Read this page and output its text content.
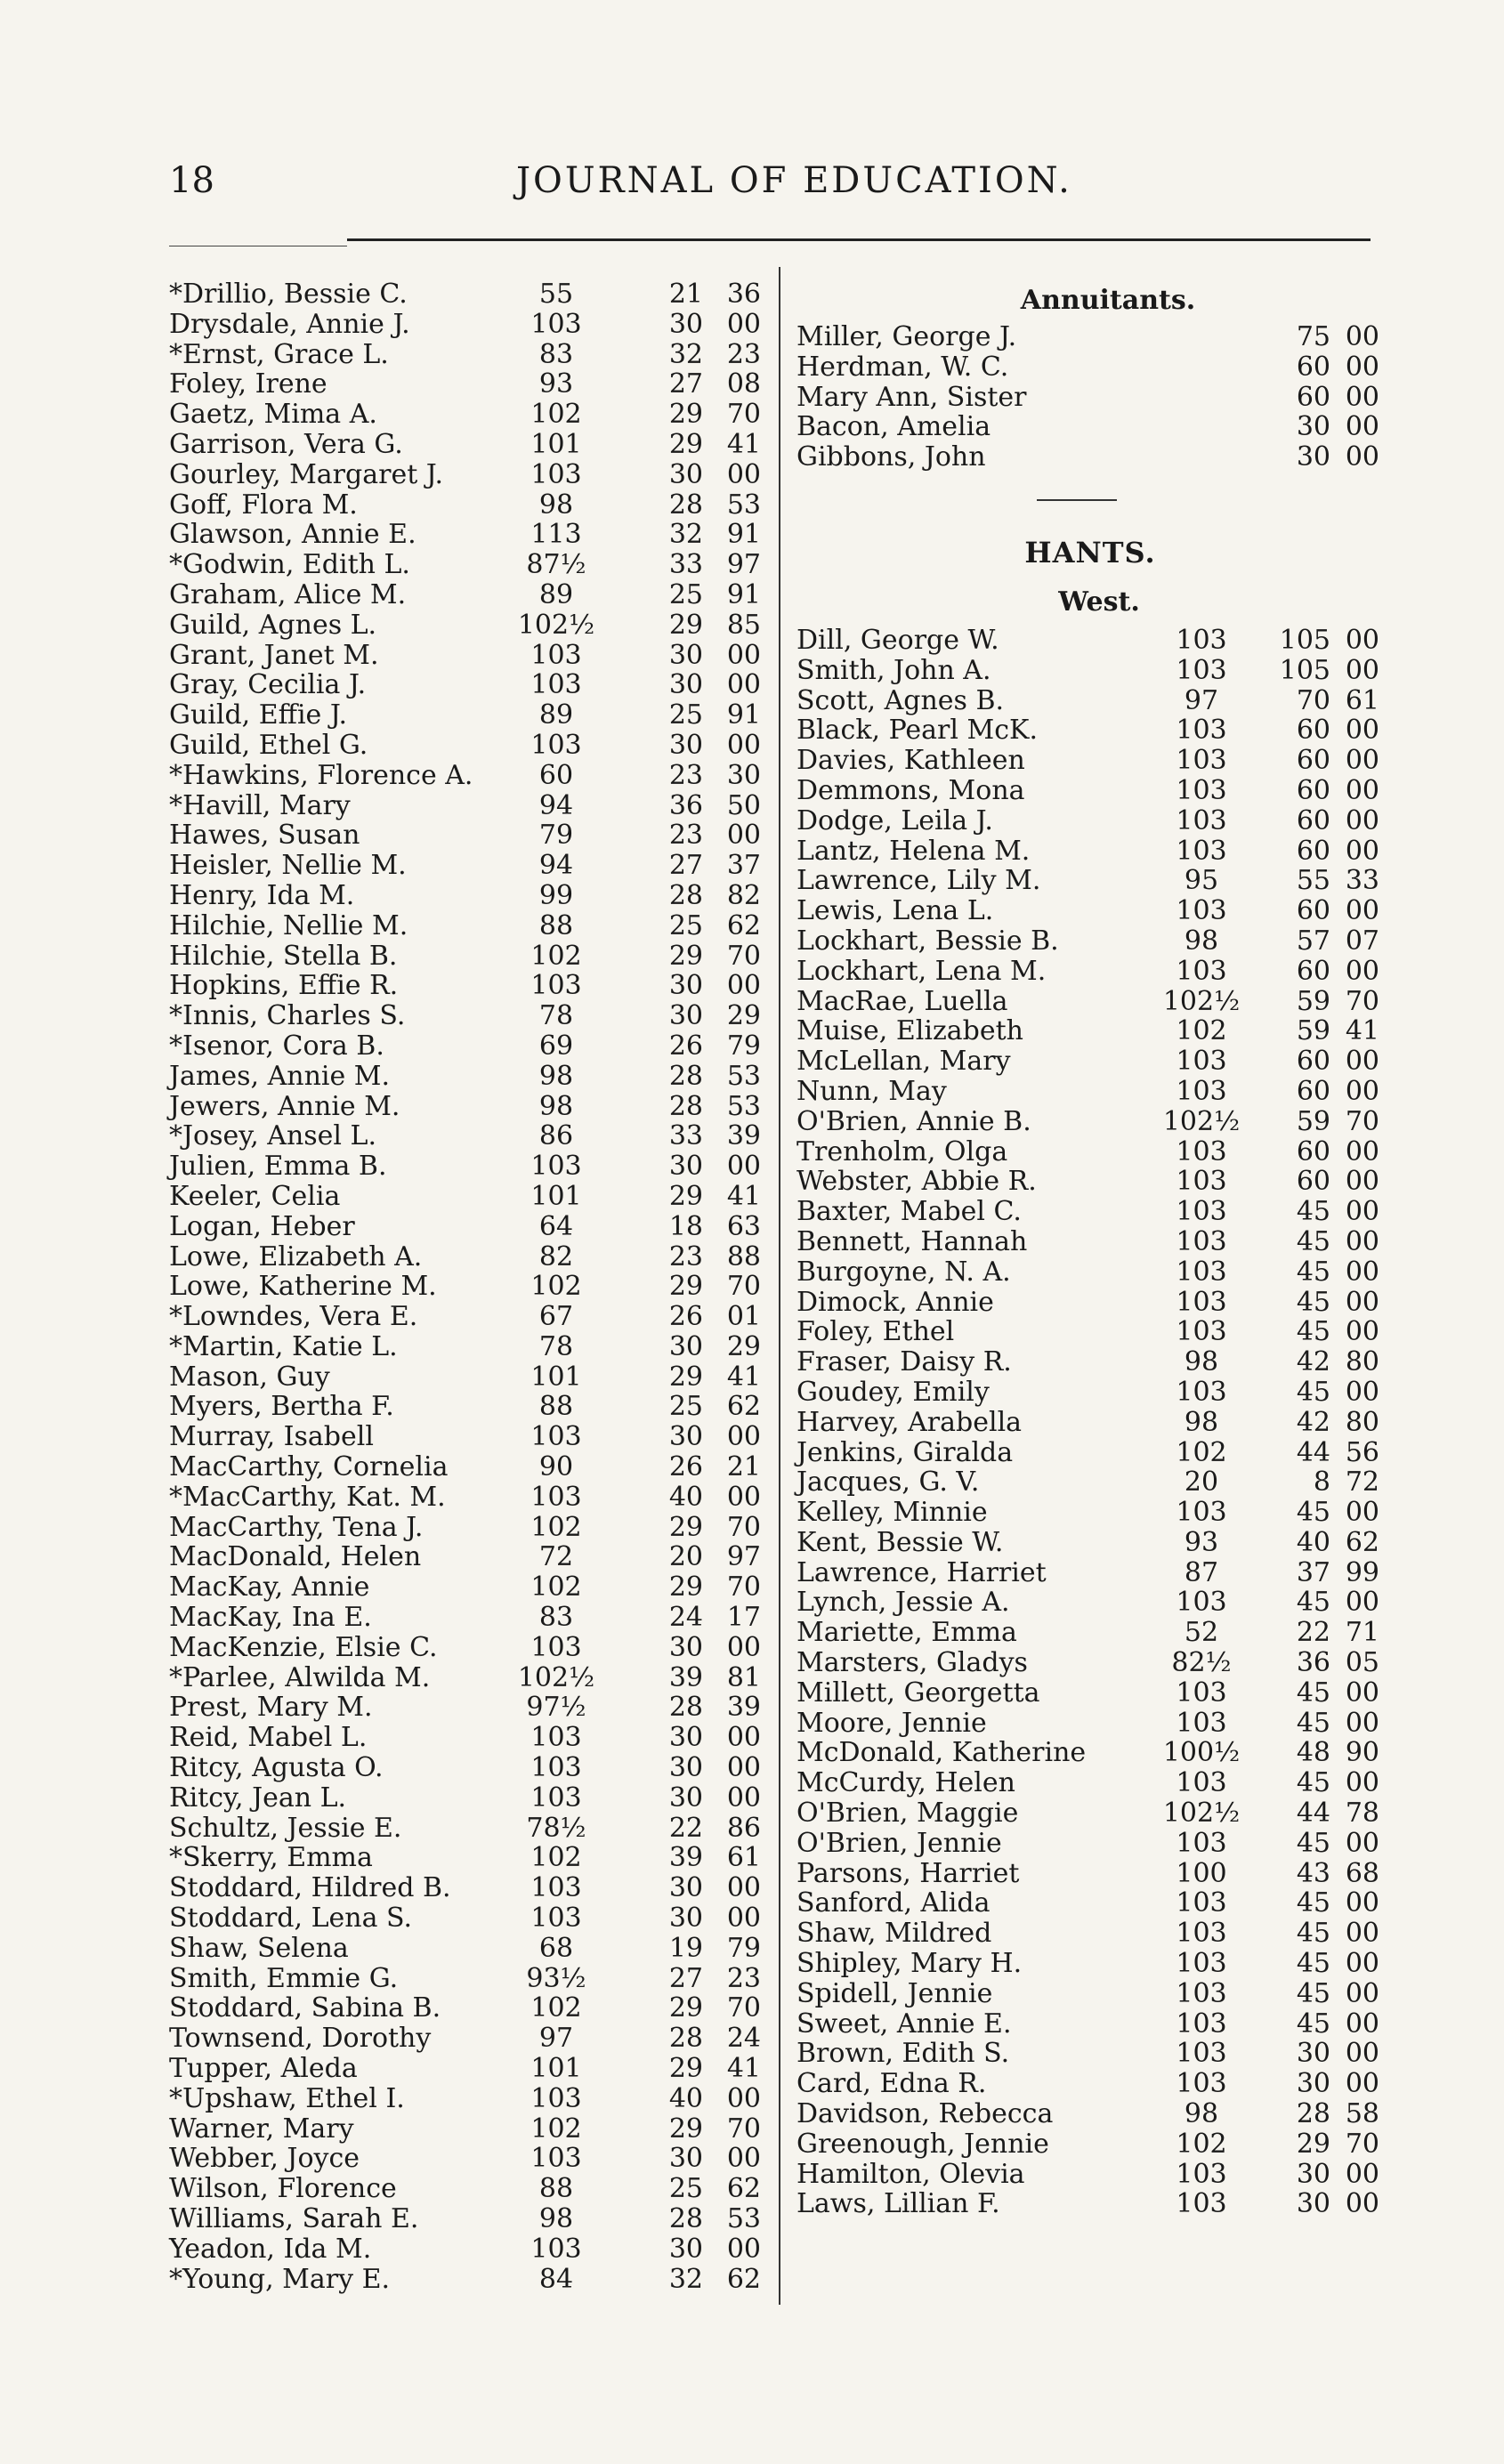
18	JOURNAL OF EDUCATION.
*Drillio, Bessie C.	55	21 36
Drysdale, Annie J.	103	30 00
*Ernst, Grace L.	83	32 23
Foley, Irene	93	27 08
Gaetz, Mima A.	102	29 70
Garrison, Vera G.	101	29 41
Gourley, Margaret J.	103	30 00
Goff, Flora M.	98	28 53
Glawson, Annie E.	113	32 91
*Godwin, Edith L.	87½	33 97
Graham, Alice M.	89	25 91
Guild, Agnes L.	102½	29 85
Grant, Janet M.	103	30 00
Gray, Cecilia J.	103	30 00
Guild, Effie J.	89	25 91
Guild, Ethel G.	103	30 00
*Hawkins, Florence A.	60	23 30
*Havill, Mary	94	36 50
Hawes, Susan	79	23 00
Heisler, Nellie M.	94	27 37
Henry, Ida M.	99	28 82
Hilchie, Nellie M.	88	25 62
Hilchie, Stella B.	102	29 70
Hopkins, Effie R.	103	30 00
*Innis, Charles S.	78	30 29
*Isenor, Cora B.	69	26 79
James, Annie M.	98	28 53
Jewers, Annie M.	98	28 53
*Josey, Ansel L.	86	33 39
Julien, Emma B.	103	30 00
Keeler, Celia	101	29 41
Logan, Heber	64	18 63
Lowe, Elizabeth A.	82	23 88
Lowe, Katherine M.	102	29 70
*Lowndes, Vera E.	67	26 01
*Martin, Katie L.	78	30 29
Mason, Guy	101	29 41
Myers, Bertha F.	88	25 62
Murray, Isabell	103	30 00
MacCarthy, Cornelia	90	26 21
*MacCarthy, Kat. M.	103	40 00
MacCarthy, Tena J.	102	29 70
MacDonald, Helen	72	20 97
MacKay, Annie	102	29 70
MacKay, Ina E.	83	24 17
MacKenzie, Elsie C.	103	30 00
*Parlee, Alwilda M.	102½	39 81
Prest, Mary M.	97½	28 39
Reid, Mabel L.	103	30 00
Ritcy, Agusta O.	103	30 00
Ritcy, Jean L.	103	30 00
Schultz, Jessie E.	78½	22 86
*Skerry, Emma	102	39 61
Stoddard, Hildred B.	103	30 00
Stoddard, Lena S.	103	30 00
Shaw, Selena	68	19 79
Smith, Emmie G.	93½	27 23
Stoddard, Sabina B.	102	29 70
Townsend, Dorothy	97	28 24
Tupper, Aleda	101	29 41
*Upshaw, Ethel I.	103	40 00
Warner, Mary	102	29 70
Webber, Joyce	103	30 00
Wilson, Florence	88	25 62
Williams, Sarah E.	98	28 53
Yeadon, Ida M.	103	30 00
*Young, Mary E.	84	32 62
Annuitants.
Miller, George J.	75 00
Herdman, W. C.	60 00
Mary Ann, Sister	60 00
Bacon, Amelia	30 00
Gibbons, John	30 00
HANTS.
West.
Dill, George W.	103	105 00
Smith, John A.	103	105 00
Scott, Agnes B.	97	70 61
Black, Pearl McK.	103	60 00
Davies, Kathleen	103	60 00
Demmons, Mona	103	60 00
Dodge, Leila J.	103	60 00
Lantz, Helena M.	103	60 00
Lawrence, Lily M.	95	55 33
Lewis, Lena L.	103	60 00
Lockhart, Bessie B.	98	57 07
Lockhart, Lena M.	103	60 00
MacRae, Luella	102½	59 70
Muise, Elizabeth	102	59 41
McLellan, Mary	103	60 00
Nunn, May	103	60 00
O'Brien, Annie B.	102½	59 70
Trenholm, Olga	103	60 00
Webster, Abbie R.	103	60 00
Baxter, Mabel C.	103	45 00
Bennett, Hannah	103	45 00
Burgoyne, N. A.	103	45 00
Dimock, Annie	103	45 00
Foley, Ethel	103	45 00
Fraser, Daisy R.	98	42 80
Goudey, Emily	103	45 00
Harvey, Arabella	98	42 80
Jenkins, Giralda	102	44 56
Jacques, G. V.	20	8 72
Kelley, Minnie	103	45 00
Kent, Bessie W.	93	40 62
Lawrence, Harriet	87	37 99
Lynch, Jessie A.	103	45 00
Mariette, Emma	52	22 71
Marsters, Gladys	82½	36 05
Millett, Georgetta	103	45 00
Moore, Jennie	103	45 00
McDonald, Katherine	100½	48 90
McCurdy, Helen	103	45 00
O'Brien, Maggie	102½	44 78
O'Brien, Jennie	103	45 00
Parsons, Harriet	100	43 68
Sanford, Alida	103	45 00
Shaw, Mildred	103	45 00
Shipley, Mary H.	103	45 00
Spidell, Jennie	103	45 00
Sweet, Annie E.	103	45 00
Brown, Edith S.	103	30 00
Card, Edna R.	103	30 00
Davidson, Rebecca	98	28 58
Greenough, Jennie	102	29 70
Hamilton, Olevia	103	30 00
Laws, Lillian F.	103	30 00
